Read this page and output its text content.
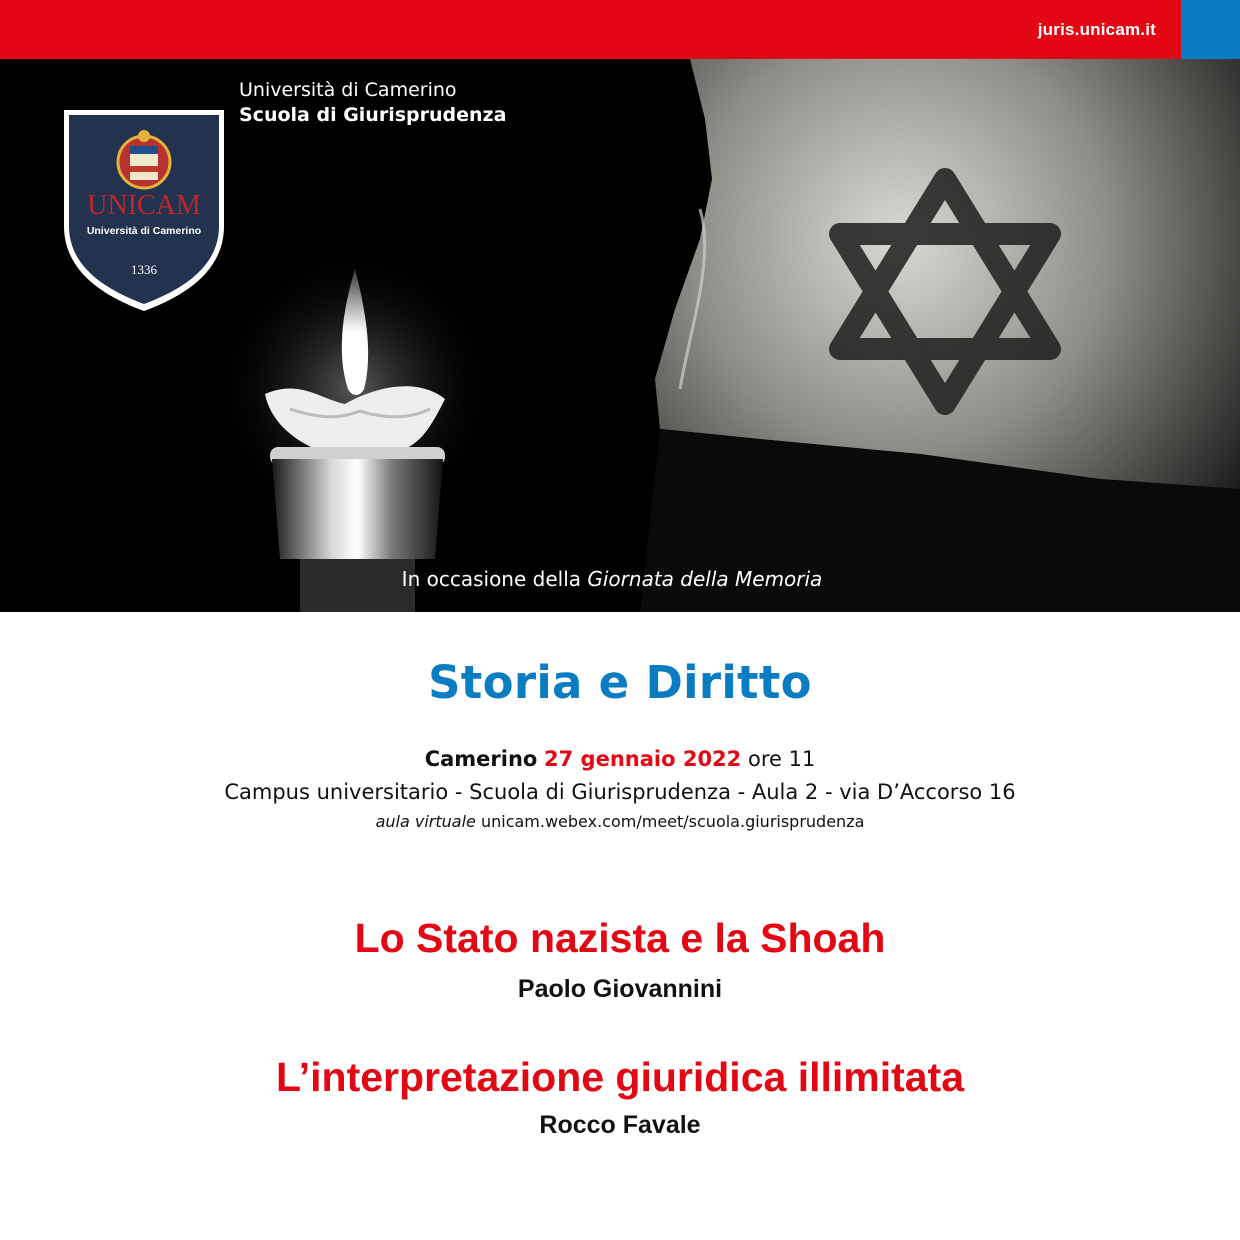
juris.unicam.it
UNICAM
Università di Camerino
1336
Università di Camerino
Scuola di Giurisprudenza
In occasione della Giornata della Memoria
Storia e Diritto
Camerino 27 gennaio 2022 ore 11
Campus universitario - Scuola di Giurisprudenza - Aula 2 - via D’Accorso 16
aula virtuale unicam.webex.com/meet/scuola.giurisprudenza
Lo Stato nazista e la Shoah
Paolo Giovannini
L’interpretazione giuridica illimitata
Rocco Favale
